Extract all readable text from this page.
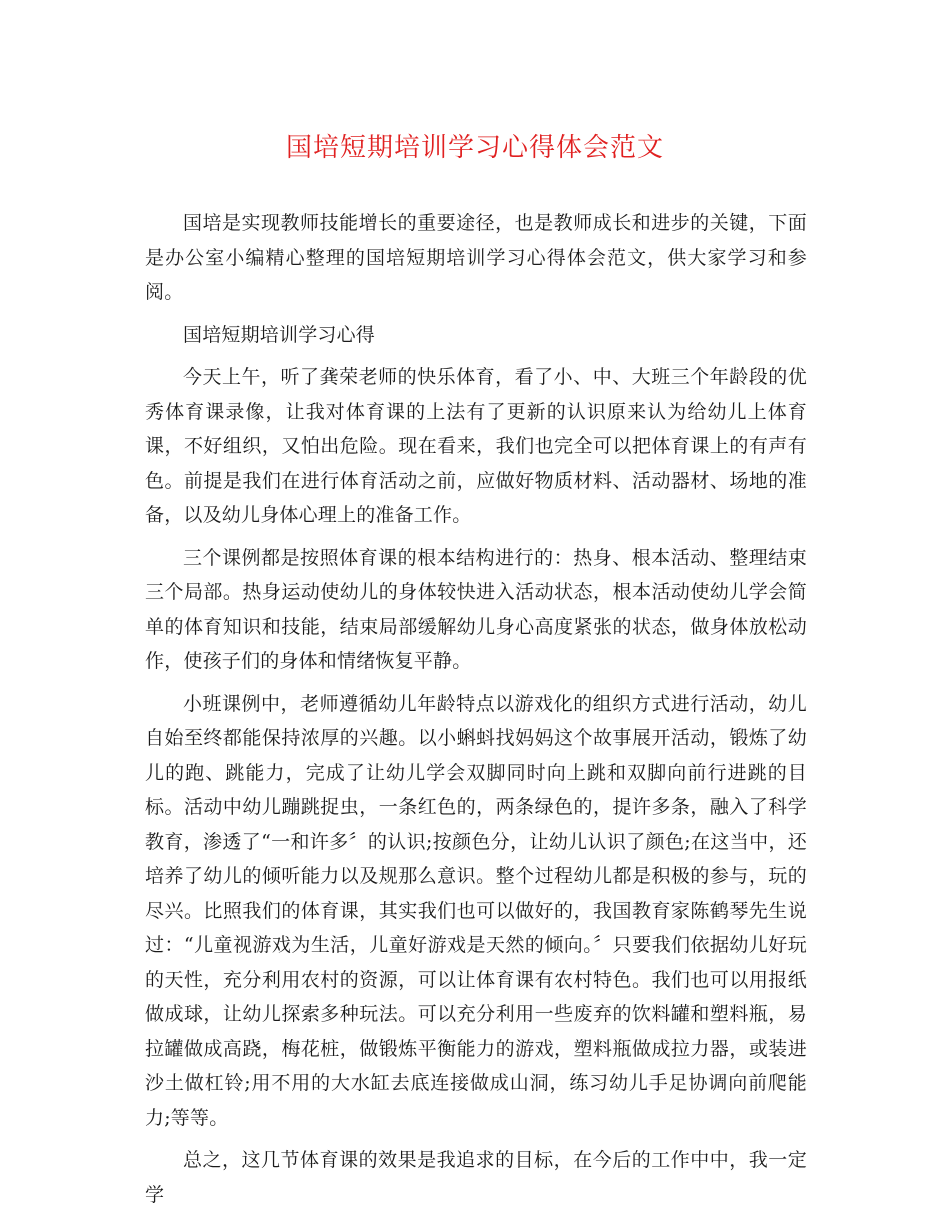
国培短期培训学习心得体会范文

国培是实现教师技能增长的重要途径，也是教师成长和进步的关键，下面是办公室小编精心整理的国培短期培训学习心得体会范文，供大家学习和参阅。

国培短期培训学习心得

今天上午，听了龚荣老师的快乐体育，看了小、中、大班三个年龄段的优秀体育课录像，让我对体育课的上法有了更新的认识原来认为给幼儿上体育课，不好组织，又怕出危险。现在看来，我们也完全可以把体育课上的有声有色。前提是我们在进行体育活动之前，应做好物质材料、活动器材、场地的准备，以及幼儿身体心理上的准备工作。

三个课例都是按照体育课的根本结构进行的：热身、根本活动、整理结束三个局部。热身运动使幼儿的身体较快进入活动状态，根本活动使幼儿学会简单的体育知识和技能，结束局部缓解幼儿身心高度紧张的状态，做身体放松动作，使孩子们的身体和情绪恢复平静。

小班课例中，老师遵循幼儿年龄特点以游戏化的组织方式进行活动，幼儿自始至终都能保持浓厚的兴趣。以小蝌蚪找妈妈这个故事展开活动，锻炼了幼儿的跑、跳能力，完成了让幼儿学会双脚同时向上跳和双脚向前行进跳的目标。活动中幼儿蹦跳捉虫，一条红色的，两条绿色的，提许多条，融入了科学教育，渗透了“一和许多〞的认识;按颜色分，让幼儿认识了颜色;在这当中，还培养了幼儿的倾听能力以及规那么意识。整个过程幼儿都是积极的参与，玩的尽兴。比照我们的体育课，其实我们也可以做好的，我国教育家陈鹤琴先生说过：“儿童视游戏为生活，儿童好游戏是天然的倾向。〞只要我们依据幼儿好玩的天性，充分利用农村的资源，可以让体育课有农村特色。我们也可以用报纸做成球，让幼儿探索多种玩法。可以充分利用一些废弃的饮料罐和塑料瓶，易拉罐做成高跷，梅花桩，做锻炼平衡能力的游戏，塑料瓶做成拉力器，或装进沙土做杠铃;用不用的大水缸去底连接做成山洞，练习幼儿手足协调向前爬能力;等等。

总之，这几节体育课的效果是我追求的目标，在今后的工作中中，我一定学
